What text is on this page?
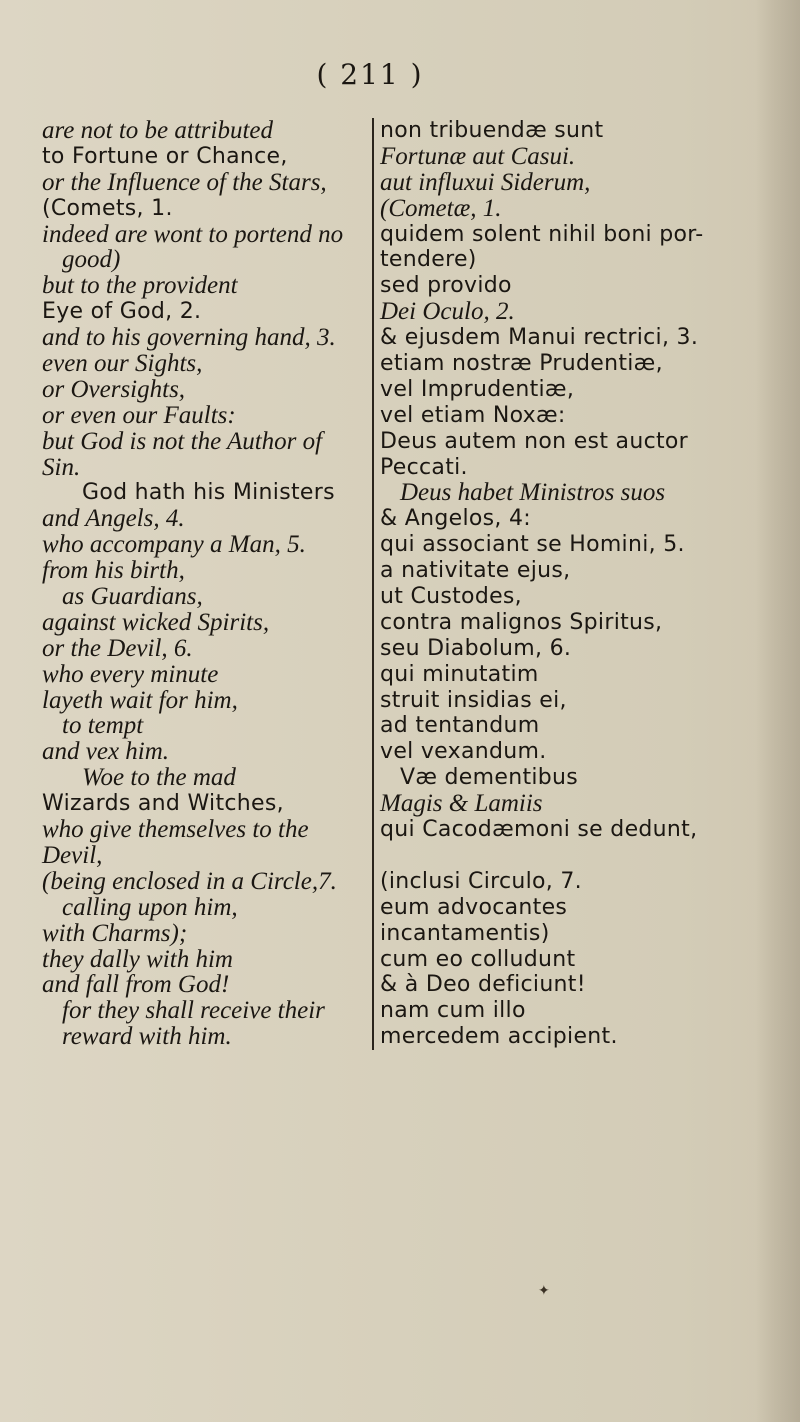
( 211 )
are not to be attributed
to Fortune or Chance,
or the Influence of the Stars,
(Comets, 1.
indeed are wont to portend no
good)
but to the provident
Eye of God, 2.
and to his governing hand, 3.
even our Sights,
or Oversights,
or even our Faults:
but God is not the Author of
Sin.
God hath his Ministers
and Angels, 4.
who accompany a Man, 5.
from his birth,
as Guardians,
against wicked Spirits,
or the Devil, 6.
who every minute
layeth wait for him,
to tempt
and vex him.
Woe to the mad
Wizards and Witches,
who give themselves to the
Devil,
(being enclosed in a Circle,7.
calling upon him,
with Charms);
they dally with him
and fall from God!
for they shall receive their
reward with him.
non tribuendæ sunt
Fortunæ aut Casui.
aut influxui Siderum,
(Cometæ, 1.
quidem solent nihil boni por-
tendere)
sed provido
Dei Oculo, 2.
& ejusdem Manui rectrici, 3.
etiam nostræ Prudentiæ,
vel Imprudentiæ,
vel etiam Noxæ:
Deus autem non est auctor
Peccati.
Deus habet Ministros suos
& Angelos, 4:
qui associant se Homini, 5.
a nativitate ejus,
ut Custodes,
contra malignos Spiritus,
seu Diabolum, 6.
qui minutatim
struit insidias ei,
ad tentandum
vel vexandum.
Væ dementibus
Magis & Lamiis
qui Cacodæmoni se dedunt,
(inclusi Circulo, 7.
eum advocantes
incantamentis)
cum eo colludunt
& à Deo deficiunt!
nam cum illo
mercedem accipient.
✦
